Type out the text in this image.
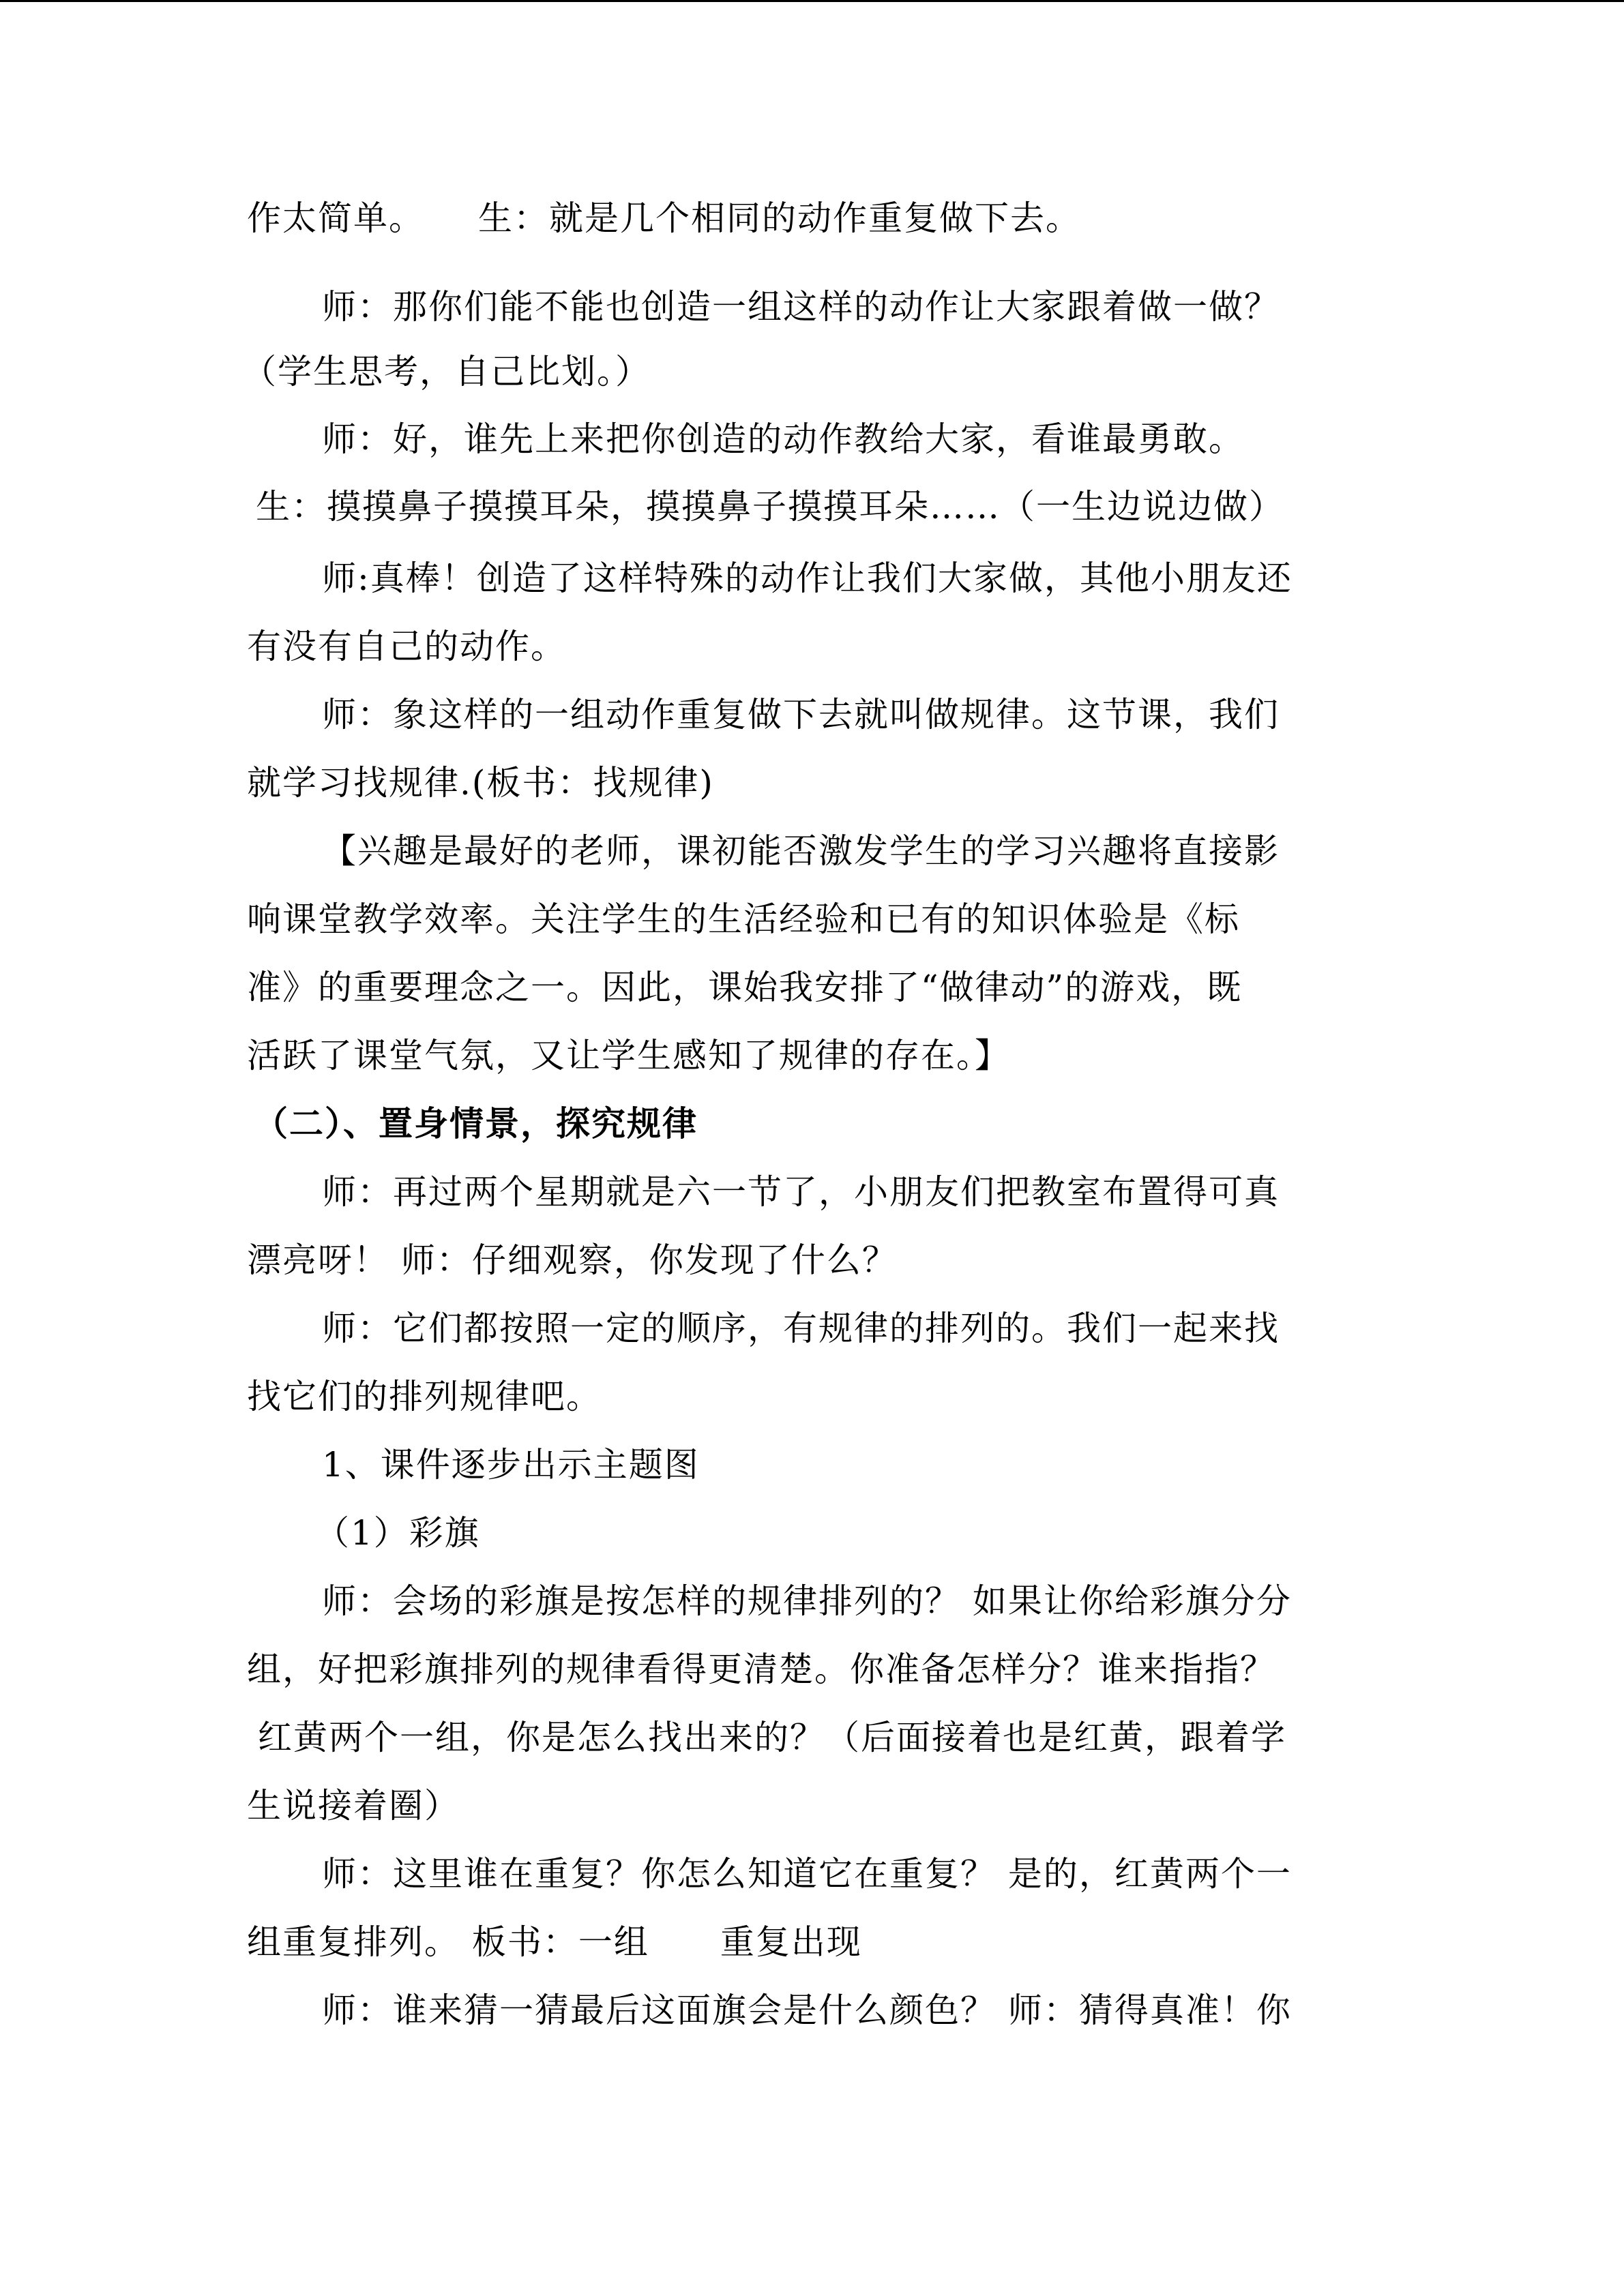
作太简单。　　生：就是几个相同的动作重复做下去。
师：那你们能不能也创造一组这样的动作让大家跟着做一做？
（学生思考，自己比划。）
师：好，谁先上来把你创造的动作教给大家，看谁最勇敢。
生：摸摸鼻子摸摸耳朵，摸摸鼻子摸摸耳朵……（一生边说边做）
师:真棒！创造了这样特殊的动作让我们大家做，其他小朋友还
有没有自己的动作。
师：象这样的一组动作重复做下去就叫做规律。这节课，我们
就学习找规律.(板书：找规律)
【兴趣是最好的老师，课初能否激发学生的学习兴趣将直接影
响课堂教学效率。关注学生的生活经验和已有的知识体验是《标
准》的重要理念之一。因此，课始我安排了“做律动”的游戏，既
活跃了课堂气氛，又让学生感知了规律的存在。】
（二）、置身情景，探究规律
师：再过两个星期就是六一节了，小朋友们把教室布置得可真
漂亮呀！ 师：仔细观察，你发现了什么？
师：它们都按照一定的顺序，有规律的排列的。我们一起来找
找它们的排列规律吧。
1、课件逐步出示主题图
（1）彩旗
师：会场的彩旗是按怎样的规律排列的？ 如果让你给彩旗分分
组，好把彩旗排列的规律看得更清楚。你准备怎样分？谁来指指？
红黄两个一组，你是怎么找出来的？（后面接着也是红黄，跟着学
生说接着圈）
师：这里谁在重复？你怎么知道它在重复？ 是的，红黄两个一
组重复排列。 板书：一组　　重复出现
师：谁来猜一猜最后这面旗会是什么颜色？ 师：猜得真准！你
